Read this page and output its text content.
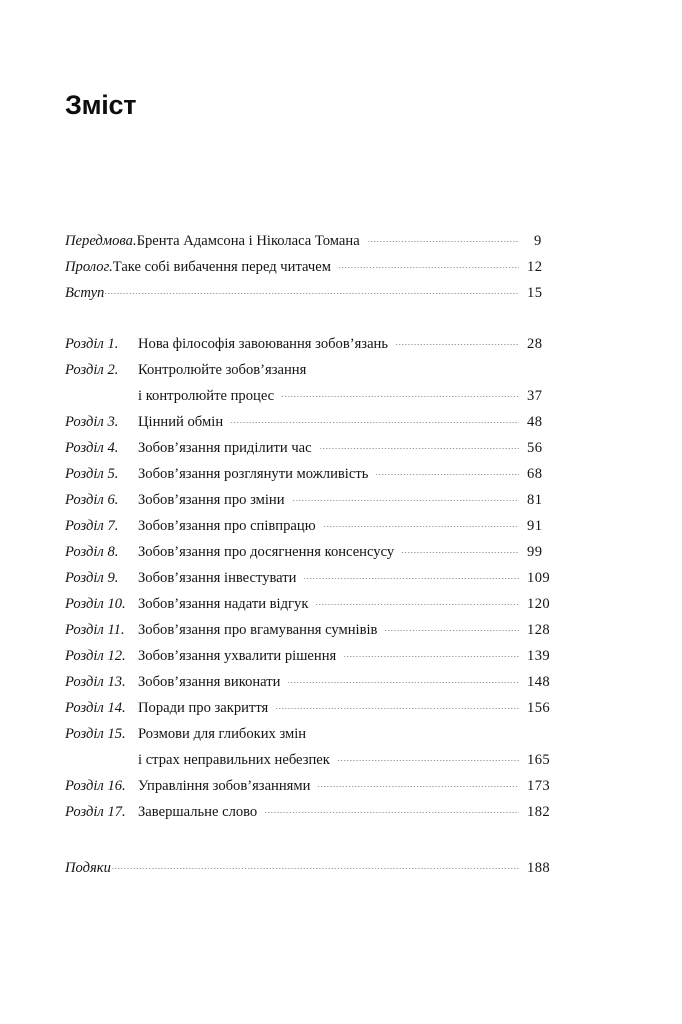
Зміст
Передмова. Брента Адамсона і Ніколаса Томана	9
Пролог. Таке собі вибачення перед читачем	12
Вступ	15
Розділ 1.	Нова філософія завоювання зобов’язань	28
Розділ 2.	Контролюйте зобов’язання
і контролюйте процес	37
Розділ 3.	Цінний обмін	48
Розділ 4.	Зобов’язання приділити час	56
Розділ 5.	Зобов’язання розглянути можливість	68
Розділ 6.	Зобов’язання про зміни	81
Розділ 7.	Зобов’язання про співпрацю	91
Розділ 8.	Зобов’язання про досягнення консенсусу	99
Розділ 9.	Зобов’язання інвестувати	109
Розділ 10. Зобов’язання надати відгук	120
Розділ 11. Зобов’язання про вгамування сумнівів	128
Розділ 12. Зобов’язання ухвалити рішення	139
Розділ 13. Зобов’язання виконати	148
Розділ 14. Поради про закриття	156
Розділ 15. Розмови для глибоких змін
і страх неправильних небезпек	165
Розділ 16. Управління зобов’язаннями	173
Розділ 17. Завершальне слово	182
Подяки	188
